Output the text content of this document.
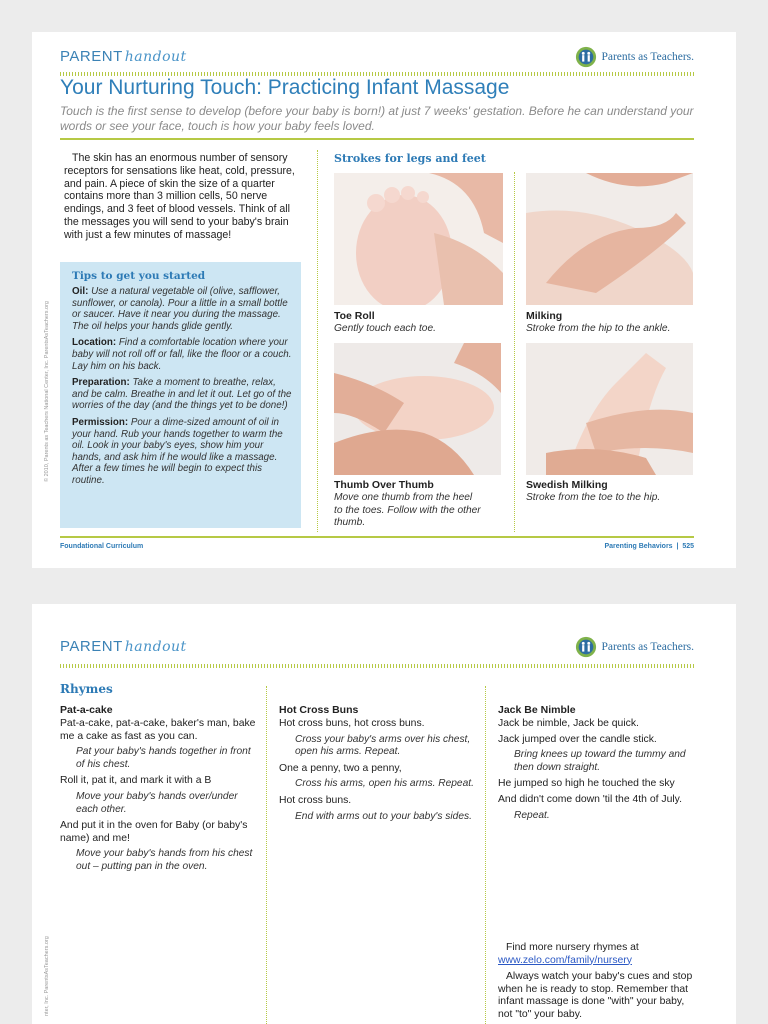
PARENT handout	Parents as Teachers.
Your Nurturing Touch: Practicing Infant Massage
Touch is the first sense to develop (before your baby is born!) at just 7 weeks' gestation. Before he can understand your words or see your face, touch is how your baby feels loved.
The skin has an enormous number of sensory receptors for sensations like heat, cold, pressure, and pain. A piece of skin the size of a quarter contains more than 3 million cells, 50 nerve endings, and 3 feet of blood vessels. Think of all the messages you will send to your baby's brain with just a few minutes of massage!
Tips to get you started
Oil: Use a natural vegetable oil (olive, safflower, sunflower, or canola). Pour a little in a small bottle or saucer. Have it near you during the massage. The oil helps your hands glide gently.
Location: Find a comfortable location where your baby will not roll off or fall, like the floor or a couch. Lay him on his back.
Preparation: Take a moment to breathe, relax, and be calm. Breathe in and let it out. Let go of the worries of the day (and the things yet to be done!)
Permission: Pour a dime-sized amount of oil in your hand. Rub your hands together to warm the oil. Look in your baby's eyes, show him your hands, and ask him if he would like a massage. After a few times he will begin to expect this routine.
Strokes for legs and feet
Toe Roll
Gently touch each toe.
Milking
Stroke from the hip to the ankle.
Thumb Over Thumb
Move one thumb from the heel to the toes. Follow with the other thumb.
Swedish Milking
Stroke from the toe to the hip.
Foundational Curriculum	Parenting Behaviors  |  525
© 2010, Parents as Teachers National Center, Inc. ParentsAsTeachers.org
PARENT handout	Parents as Teachers.
Rhymes
Pat-a-cake
Pat-a-cake, pat-a-cake, baker's man, bake me a cake as fast as you can.
Pat your baby's hands together in front of his chest.
Roll it, pat it, and mark it with a B
Move your baby's hands over/under each other.
And put it in the oven for Baby (or baby's name) and me!
Move your baby's hands from his chest out – putting pan in the oven.
Hot Cross Buns
Hot cross buns, hot cross buns.
Cross your baby's arms over his chest, open his arms. Repeat.
One a penny, two a penny,
Cross his arms, open his arms. Repeat.
Hot cross buns.
End with arms out to your baby's sides.
Jack Be Nimble
Jack be nimble, Jack be quick.
Jack jumped over the candle stick.
Bring knees up toward the tummy and then down straight.
He jumped so high he touched the sky
And didn't come down 'til the 4th of July.
Repeat.
Find more nursery rhymes at
www.zelo.com/family/nursery
Always watch your baby's cues and stop when he is ready to stop. Remember that infant massage is done "with" your baby, not "to" your baby.
nter, Inc. ParentsAsTeachers.org
